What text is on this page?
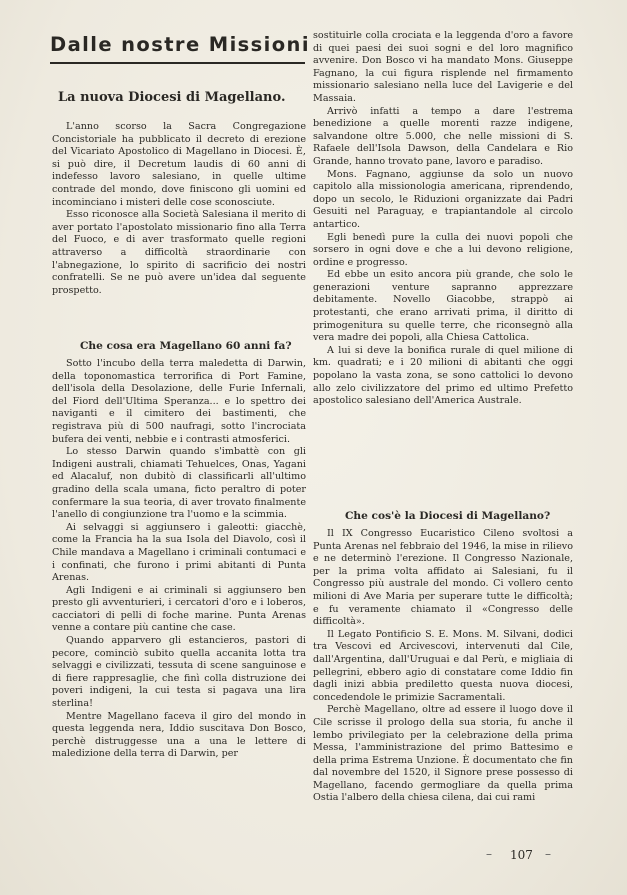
Dalle nostre Missioni
La nuova Diocesi di Magellano.

L'anno scorso la Sacra Congregazione Concistoriale ha pubblicato il decreto di erezione del Vicariato Apostolico di Magellano in Diocesi. È, si può dire, il Decretum laudis di 60 anni di indefesso lavoro salesiano, in quelle ultime contrade del mondo, dove finiscono gli uomini ed incominciano i misteri delle cose sconosciute.

Esso riconosce alla Società Salesiana il merito di aver portato l'apostolato missionario fino alla Terra del Fuoco, e di aver trasformato quelle regioni attraverso a difficoltà straordinarie con l'abnegazione, lo spirito di sacrificio dei nostri confratelli. Se ne può avere un'idea dal seguente prospetto.

Che cosa era Magellano 60 anni fa?

Sotto l'incubo della terra maledetta di Darwin, della toponomastica terrorifica di Port Famine, dell'isola della Desolazione, delle Furie Infernali, del Fiord dell'Ultima Speranza... e lo spettro dei naviganti e il cimitero dei bastimenti, che registrava più di 500 naufragi, sotto l'incrociata bufera dei venti, nebbie e i contrasti atmosferici.

Lo stesso Darwin quando s'imbattè con gli Indigeni australi, chiamati Tehuelces, Onas, Yagani ed Alacaluf, non dubitò di classificarli all'ultimo gradino della scala umana, ficto peraltro di poter confermare la sua teoria, di aver trovato finalmente l'anello di congiunzione tra l'uomo e la scimmia.

Ai selvaggi si aggiunsero i galeotti: giacchè, come la Francia ha la sua Isola del Diavolo, così il Chile mandava a Magellano i criminali contumaci e i confinati, che furono i primi abitanti di Punta Arenas.

Agli Indigeni e ai criminali si aggiunsero ben presto gli avventurieri, i cercatori d'oro e i loberos, cacciatori di pelli di foche marine. Punta Arenas venne a contare più cantine che case.

Quando apparvero gli estancieros, pastori di pecore, cominciò subito quella accanita lotta tra selvaggi e civilizzati, tessuta di scene sanguinose e di fiere rappresaglie, che finì colla distruzione dei poveri indigeni, la cui testa si pagava una lira sterlina!

Mentre Magellano faceva il giro del mondo in questa leggenda nera, Iddio suscitava Don Bosco, perchè distruggesse una a una le lettere di maledizione della terra di Darwin, per

sostituirle colla crociata e la leggenda d'oro a favore di quei paesi dei suoi sogni e del loro magnifico avvenire. Don Bosco vi ha mandato Mons. Giuseppe Fagnano, la cui figura risplende nel firmamento missionario salesiano nella luce del Lavigerie e del Massaia.

Arrivò infatti a tempo a dare l'estrema benedizione a quelle morenti razze indigene, salvandone oltre 5.000, che nelle missioni di S. Rafaele dell'Isola Dawson, della Candelara e Rio Grande, hanno trovato pane, lavoro e paradiso.

Mons. Fagnano, aggiunse da solo un nuovo capitolo alla missionologia americana, riprendendo, dopo un secolo, le Riduzioni organizzate dai Padri Gesuiti nel Paraguay, e trapiantandole al circolo antartico.

Egli benedì pure la culla dei nuovi popoli che sorsero in ogni dove e che a lui devono religione, ordine e progresso.

Ed ebbe un esito ancora più grande, che solo le generazioni venture sapranno apprezzare debitamente. Novello Giacobbe, strappò ai protestanti, che erano arrivati prima, il diritto di primogenitura su quelle terre, che riconsegnò alla vera madre dei popoli, alla Chiesa Cattolica.

A lui si deve la bonifica rurale di quel milione di km. quadrati; e i 20 milioni di abitanti che oggi popolano la vasta zona, se sono cattolici lo devono allo zelo civilizzatore del primo ed ultimo Prefetto apostolico salesiano dell'America Australe.

Che cos'è la Diocesi di Magellano?

Il IX Congresso Eucaristico Cileno svoltosi a Punta Arenas nel febbraio del 1946, la mise in rilievo e ne determinò l'erezione. Il Congresso Nazionale, per la prima volta affidato ai Salesiani, fu il Congresso più australe del mondo. Ci vollero cento milioni di Ave Maria per superare tutte le difficoltà; e fu veramente chiamato il «Congresso delle difficoltà».

Il Legato Pontificio S. E. Mons. M. Silvani, dodici tra Vescovi ed Arcivescovi, intervenuti dal Cile, dall'Argentina, dall'Uruguai e dal Perù, e migliaia di pellegrini, ebbero agio di constatare come Iddio fin dagli inizi abbia prediletto questa nuova diocesi, concedendole le primizie Sacramentali.

Perchè Magellano, oltre ad essere il luogo dove il Cile scrisse il prologo della sua storia, fu anche il lembo privilegiato per la celebrazione della prima Messa, l'amministrazione del primo Battesimo e della prima Estrema Unzione. È documentato che fin dal novembre del 1520, il Signore prese possesso di Magellano, facendo germogliare da quella prima Ostia l'albero della chiesa cilena, dai cui rami

– 107 –
